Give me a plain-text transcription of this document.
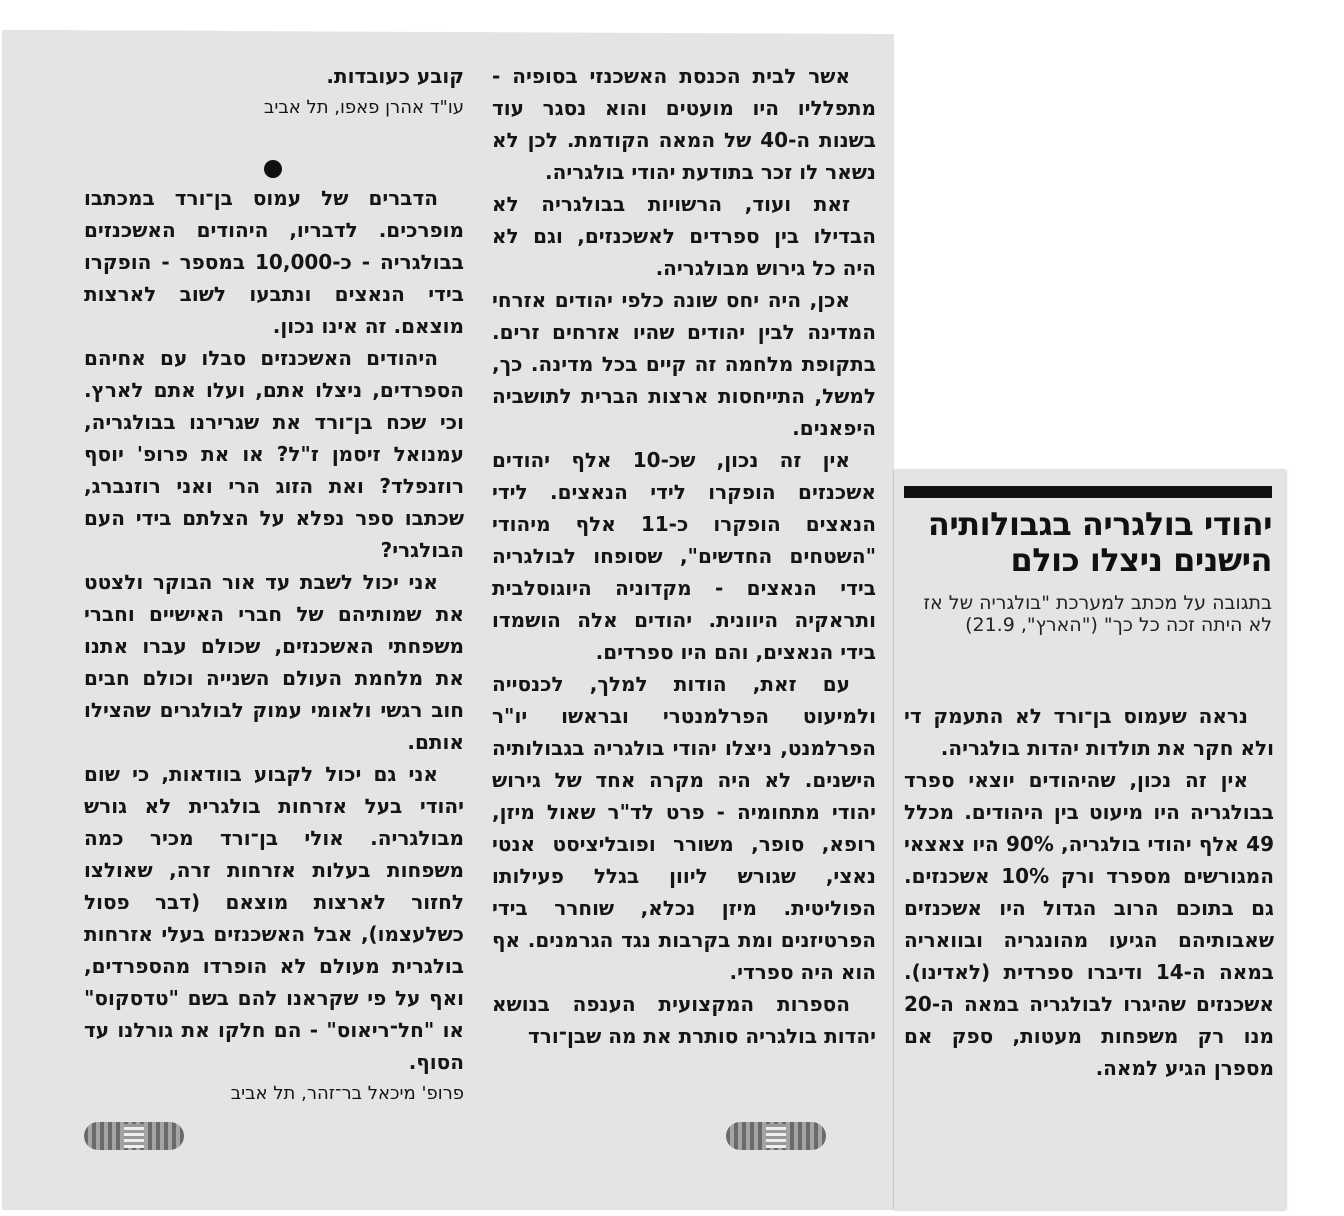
יהודי בולגריה בגבולותיה
הישנים ניצלו כולם
בתגובה על מכתב למערכת "בולגריה של אז לא היתה זכה כל כך" ("הארץ", 21.9)

נראה שעמוס בן־ורד לא התעמק די ולא חקר את תולדות יהדות בולגריה.

אין זה נכון, שהיהודים יוצאי ספרד בבולגריה היו מיעוט בין היהודים. מכלל 49 אלף יהודי בולגריה, 90% היו צאצאי המגורשים מספרד ורק 10% אשכנזים. גם בתוכם הרוב הגדול היו אשכנזים שאבותיהם הגיעו מהונגריה ובוואריה במאה ה-14 ודיברו ספרדית (לאדינו). אשכנזים שהיגרו לבולגריה במאה ה-20 מנו רק משפחות מעטות, ספק אם מספרן הגיע למאה.

אשר לבית הכנסת האשכנזי בסופיה - מתפלליו היו מועטים והוא נסגר עוד בשנות ה-40 של המאה הקודמת. לכן לא נשאר לו זכר בתודעת יהודי בולגריה.

זאת ועוד, הרשויות בבולגריה לא הבדילו בין ספרדים לאשכנזים, וגם לא היה כל גירוש מבולגריה.

אכן, היה יחס שונה כלפי יהודים אזרחי המדינה לבין יהודים שהיו אזרחים זרים. בתקופת מלחמה זה קיים בכל מדינה. כך, למשל, התייחסות ארצות הברית לתושביה היפאנים.

אין זה נכון, שכ-10 אלף יהודים אשכנזים הופקרו לידי הנאצים. לידי הנאצים הופקרו כ-11 אלף מיהודי "השטחים החדשים", שסופחו לבולגריה בידי הנאצים - מקדוניה היוגוסלבית ותראקיה היוונית. יהודים אלה הושמדו בידי הנאצים, והם היו ספרדים.

עם זאת, הודות למלך, לכנסייה ולמיעוט הפרלמנטרי ובראשו יו"ר הפרלמנט, ניצלו יהודי בולגריה בגבולותיה הישנים. לא היה מקרה אחד של גירוש יהודי מתחומיה - פרט לד"ר שאול מיזן, רופא, סופר, משורר ופובליציסט אנטי נאצי, שגורש ליוון בגלל פעילותו הפוליטית. מיזן נכלא, שוחרר בידי הפרטיזנים ומת בקרבות נגד הגרמנים. אף הוא היה ספרדי.

הספרות המקצועית הענפה בנושא יהדות בולגריה סותרת את מה שבן־ורד

קובע כעובדות.

עו"ד אהרן פאפו, תל אביב

הדברים של עמוס בן־ורד במכתבו מופרכים. לדבריו, היהודים האשכנזים בבולגריה - כ-10,000 במספר - הופקרו בידי הנאצים ונתבעו לשוב לארצות מוצאם. זה אינו נכון.

היהודים האשכנזים סבלו עם אחיהם הספרדים, ניצלו אתם, ועלו אתם לארץ. וכי שכח בן־ורד את שגרירנו בבולגריה, עמנואל זיסמן ז"ל? או את פרופ' יוסף רוזנפלד? ואת הזוג הרי ואני רוזנברג, שכתבו ספר נפלא על הצלתם בידי העם הבולגרי?

אני יכול לשבת עד אור הבוקר ולצטט את שמותיהם של חברי האישיים וחברי משפחתי האשכנזים, שכולם עברו אתנו את מלחמת העולם השנייה וכולם חבים חוב רגשי ולאומי עמוק לבולגרים שהצילו אותם.

אני גם יכול לקבוע בוודאות, כי שום יהודי בעל אזרחות בולגרית לא גורש מבולגריה. אולי בן־ורד מכיר כמה משפחות בעלות אזרחות זרה, שאולצו לחזור לארצות מוצאם (דבר פסול כשלעצמו), אבל האשכנזים בעלי אזרחות בולגרית מעולם לא הופרדו מהספרדים, ואף על פי שקראנו להם בשם "טדסקוס" או "חל־ריאוס" - הם חלקו את גורלנו עד הסוף.

פרופ' מיכאל בר־זהר, תל אביב
